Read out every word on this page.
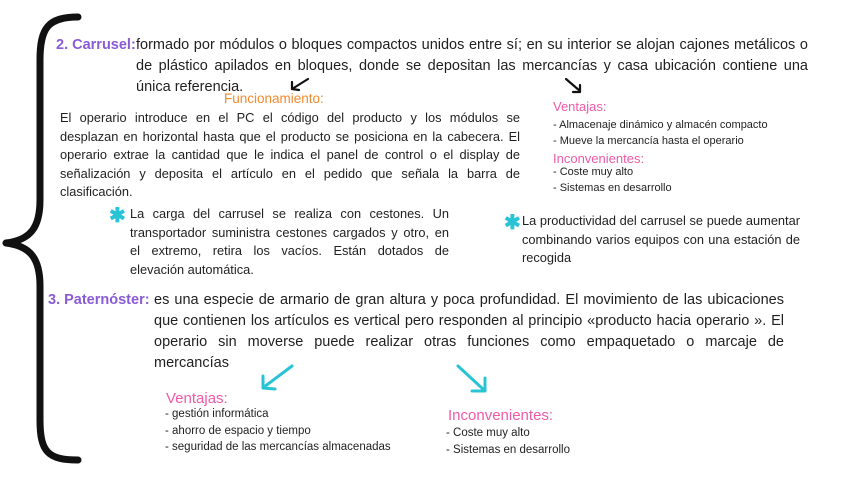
2. Carrusel: formado por módulos o bloques compactos unidos entre sí; en su interior se alojan cajones metálicos o de plástico apilados en bloques, donde se depositan las mercancías y casa ubicación contiene una única referencia.
Funcionamiento:
El operario introduce en el PC el código del producto y los módulos se desplazan en horizontal hasta que el producto se posiciona en la cabecera. El operario extrae la cantidad que le indica el panel de control o el display de señalización y deposita el artículo en el pedido que señala la barra de clasificación.
Ventajas:
- Almacenaje dinámico y almacén compacto
- Mueve la mercancía hasta el operario
Inconvenientes:
- Coste muy alto
- Sistemas en desarrollo
✱ La carga del carrusel se realiza con cestones. Un transportador suministra cestones cargados y otro, en el extremo, retira los vacíos. Están dotados de elevación automática.
✱ La productividad del carrusel se puede aumentar combinando varios equipos con una estación de recogida
3. Paternóster: es una especie de armario de gran altura y poca profundidad. El movimiento de las ubicaciones que contienen los artículos es vertical pero responden al principio «producto hacia operario ». El operario sin moverse puede realizar otras funciones como empaquetado o marcaje de mercancías
Ventajas:
- gestión informática
- ahorro de espacio y tiempo
- seguridad de las mercancías almacenadas
Inconvenientes:
- Coste muy alto
- Sistemas en desarrollo
